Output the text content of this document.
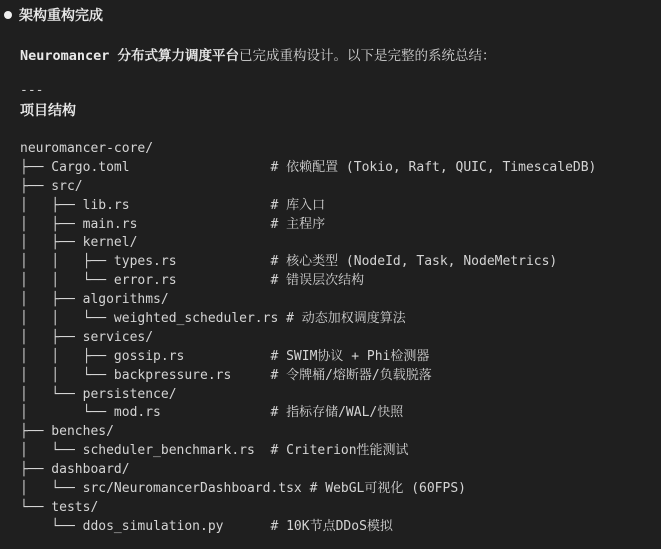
架构重构完成
Neuromancer 分布式算力调度平台已完成重构设计。以下是完整的系统总结：
---
项目结构
neuromancer-core/
├── Cargo.toml                  # 依赖配置 (Tokio, Raft, QUIC, TimescaleDB)
├── src/
│   ├── lib.rs                  # 库入口
│   ├── main.rs                 # 主程序
│   ├── kernel/
│   │   ├── types.rs            # 核心类型 (NodeId, Task, NodeMetrics)
│   │   └── error.rs            # 错误层次结构
│   ├── algorithms/
│   │   └── weighted_scheduler.rs # 动态加权调度算法
│   ├── services/
│   │   ├── gossip.rs           # SWIM协议 + Phi检测器
│   │   └── backpressure.rs     # 令牌桶/熔断器/负载脱落
│   └── persistence/
│       └── mod.rs              # 指标存储/WAL/快照
├── benches/
│   └── scheduler_benchmark.rs  # Criterion性能测试
├── dashboard/
│   └── src/NeuromancerDashboard.tsx # WebGL可视化 (60FPS)
└── tests/
└── ddos_simulation.py      # 10K节点DDoS模拟
